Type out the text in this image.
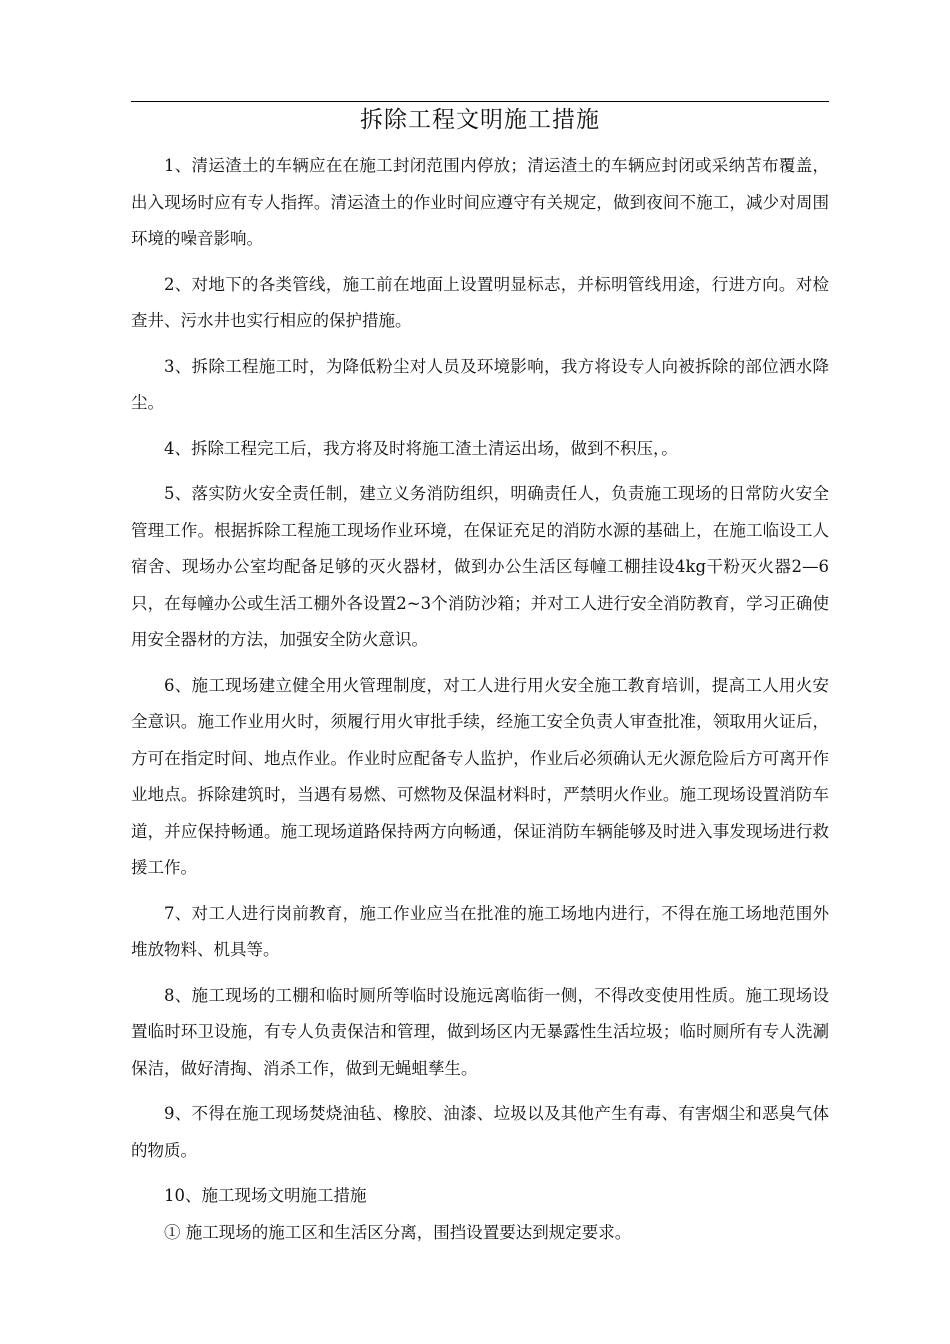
拆除工程文明施工措施

1、清运渣土的车辆应在在施工封闭范围内停放；清运渣土的车辆应封闭或采纳苫布覆盖，出入现场时应有专人指挥。清运渣土的作业时间应遵守有关规定，做到夜间不施工，减少对周围环境的噪音影响。

2、对地下的各类管线，施工前在地面上设置明显标志，并标明管线用途，行进方向。对检查井、污水井也实行相应的保护措施。

3、拆除工程施工时，为降低粉尘对人员及环境影响，我方将设专人向被拆除的部位洒水降尘。

4、拆除工程完工后，我方将及时将施工渣土清运出场，做到不积压，。

5、落实防火安全责任制，建立义务消防组织，明确责任人，负责施工现场的日常防火安全管理工作。根据拆除工程施工现场作业环境，在保证充足的消防水源的基础上，在施工临设工人宿舍、现场办公室均配备足够的灭火器材，做到办公生活区每幢工棚挂设4kg干粉灭火器2—6只，在每幢办公或生活工棚外各设置2~3个消防沙箱；并对工人进行安全消防教育，学习正确使用安全器材的方法，加强安全防火意识。

6、施工现场建立健全用火管理制度，对工人进行用火安全施工教育培训，提高工人用火安全意识。施工作业用火时，须履行用火审批手续，经施工安全负责人审查批准，领取用火证后，方可在指定时间、地点作业。作业时应配备专人监护，作业后必须确认无火源危险后方可离开作业地点。拆除建筑时，当遇有易燃、可燃物及保温材料时，严禁明火作业。施工现场设置消防车道，并应保持畅通。施工现场道路保持两方向畅通，保证消防车辆能够及时进入事发现场进行救援工作。

7、对工人进行岗前教育，施工作业应当在批准的施工场地内进行，不得在施工场地范围外堆放物料、机具等。

8、施工现场的工棚和临时厕所等临时设施远离临街一侧，不得改变使用性质。施工现场设置临时环卫设施，有专人负责保洁和管理，做到场区内无暴露性生活垃圾；临时厕所有专人洗涮保洁，做好清掏、消杀工作，做到无蝇蛆孳生。

9、不得在施工现场焚烧油毡、橡胶、油漆、垃圾以及其他产生有毒、有害烟尘和恶臭气体的物质。

10、施工现场文明施工措施

① 施工现场的施工区和生活区分离，围挡设置要达到规定要求。
